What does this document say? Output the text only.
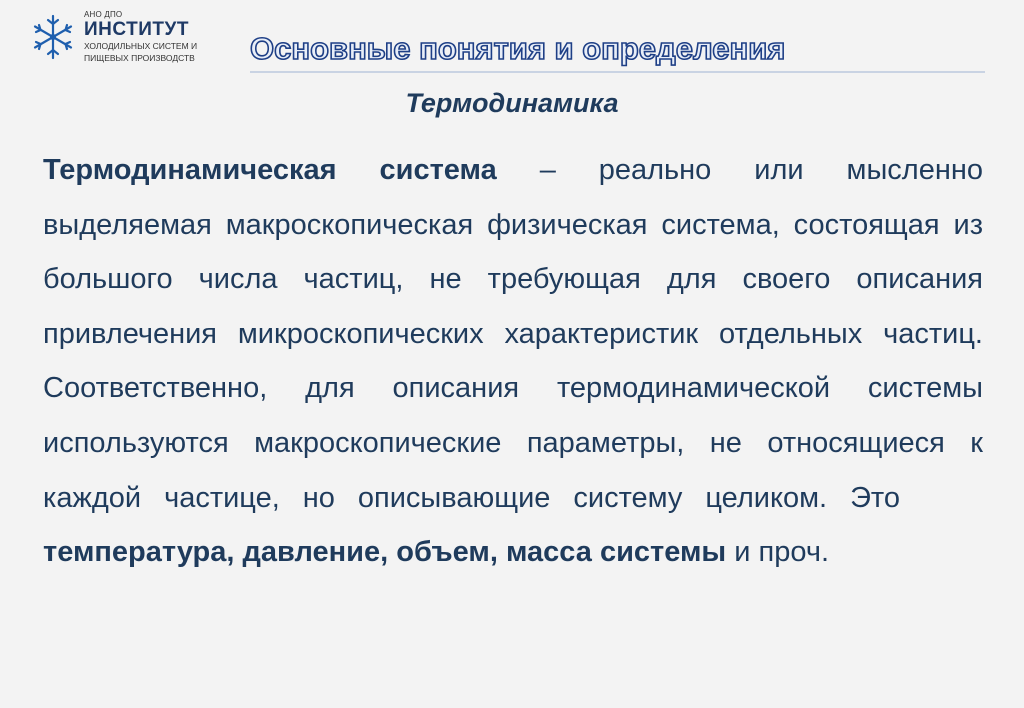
АНО ДПО
ИНСТИТУТ
ХОЛОДИЛЬНЫХ СИСТЕМ И
ПИЩЕВЫХ ПРОИЗВОДСТВ Основные понятия и определения
Термодинамика
Термодинамическая система – реально или мысленно выделяемая макроскопическая физическая система, состоящая из большого числа частиц, не требующая для своего описания привлечения микроскопических характеристик отдельных частиц. Соответственно, для описания термодинамической системы используются макроскопические параметры, не относящиеся к каждой частице, но описывающие систему целиком. Это температура, давление, объем, масса системы и проч.
